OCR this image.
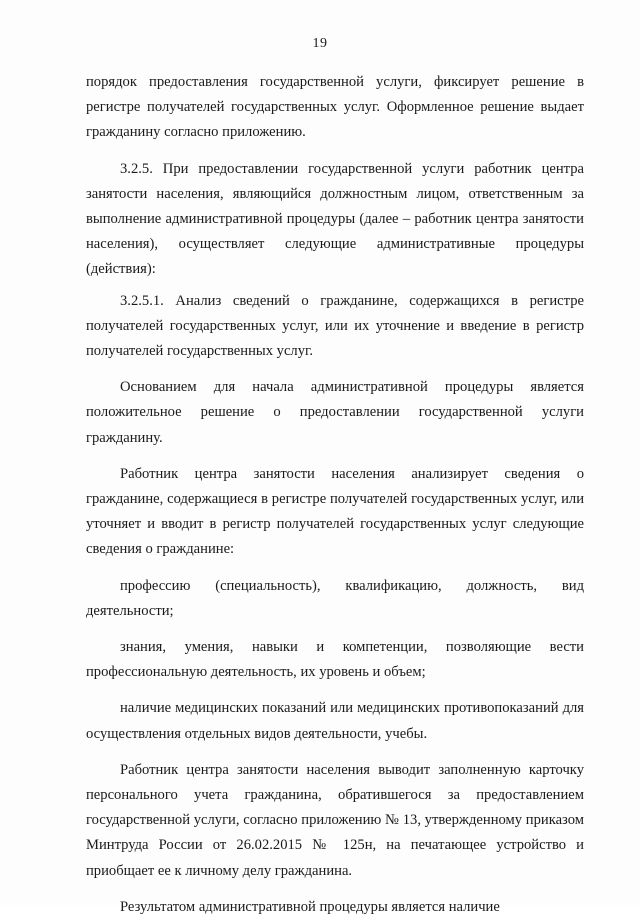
19

порядок предоставления государственной услуги, фиксирует решение в регистре получателей государственных услуг. Оформленное решение выдает гражданину согласно приложению.

3.2.5. При предоставлении государственной услуги работник центра занятости населения, являющийся должностным лицом, ответственным за выполнение административной процедуры (далее – работник центра занятости населения), осуществляет следующие административные процедуры (действия):

3.2.5.1. Анализ сведений о гражданине, содержащихся в регистре получателей государственных услуг, или их уточнение и введение в регистр получателей государственных услуг.

Основанием для начала административной процедуры является положительное решение о предоставлении государственной услуги гражданину.

Работник центра занятости населения анализирует сведения о гражданине, содержащиеся в регистре получателей государственных услуг, или уточняет и вводит в регистр получателей государственных услуг следующие сведения о гражданине:

профессию (специальность), квалификацию, должность, вид деятельности;

знания, умения, навыки и компетенции, позволяющие вести профессиональную деятельность, их уровень и объем;

наличие медицинских показаний или медицинских противопоказаний для осуществления отдельных видов деятельности, учебы.

Работник центра занятости населения выводит заполненную карточку персонального учета гражданина, обратившегося за предоставлением государственной услуги, согласно приложению № 13, утвержденному приказом Минтруда России от 26.02.2015 № 125н, на печатающее устройство и приобщает ее к личному делу гражданина.

Результатом административной процедуры является наличие
